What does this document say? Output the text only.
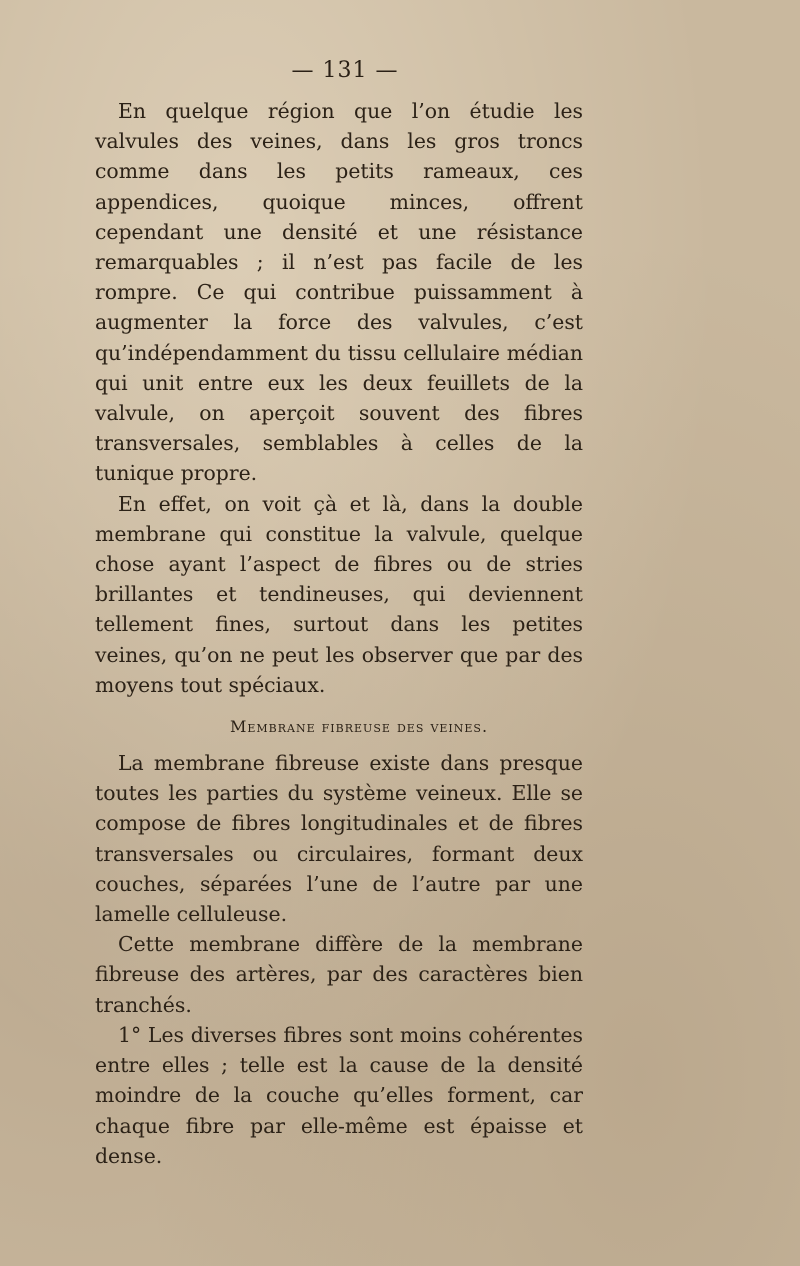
— 131 —

En quelque région que l’on étudie les valvules des veines, dans les gros troncs comme dans les petits rameaux, ces appendices, quoique minces, offrent cependant une densité et une résistance remarquables ; il n’est pas facile de les rompre. Ce qui contribue puissamment à augmenter la force des valvules, c’est qu’indépendamment du tissu cellulaire médian qui unit entre eux les deux feuillets de la valvule, on aperçoit souvent des fibres transversales, semblables à celles de la tunique propre.

En effet, on voit çà et là, dans la double membrane qui constitue la valvule, quelque chose ayant l’aspect de fibres ou de stries brillantes et tendineuses, qui deviennent tellement fines, surtout dans les petites veines, qu’on ne peut les observer que par des moyens tout spéciaux.

Membrane fibreuse des veines.

La membrane fibreuse existe dans presque toutes les parties du système veineux. Elle se compose de fibres longitudinales et de fibres transversales ou circulaires, formant deux couches, séparées l’une de l’autre par une lamelle celluleuse.

Cette membrane diffère de la membrane fibreuse des artères, par des caractères bien tranchés.

1° Les diverses fibres sont moins cohérentes entre elles ; telle est la cause de la densité moindre de la couche qu’elles forment, car chaque fibre par elle-même est épaisse et dense.
